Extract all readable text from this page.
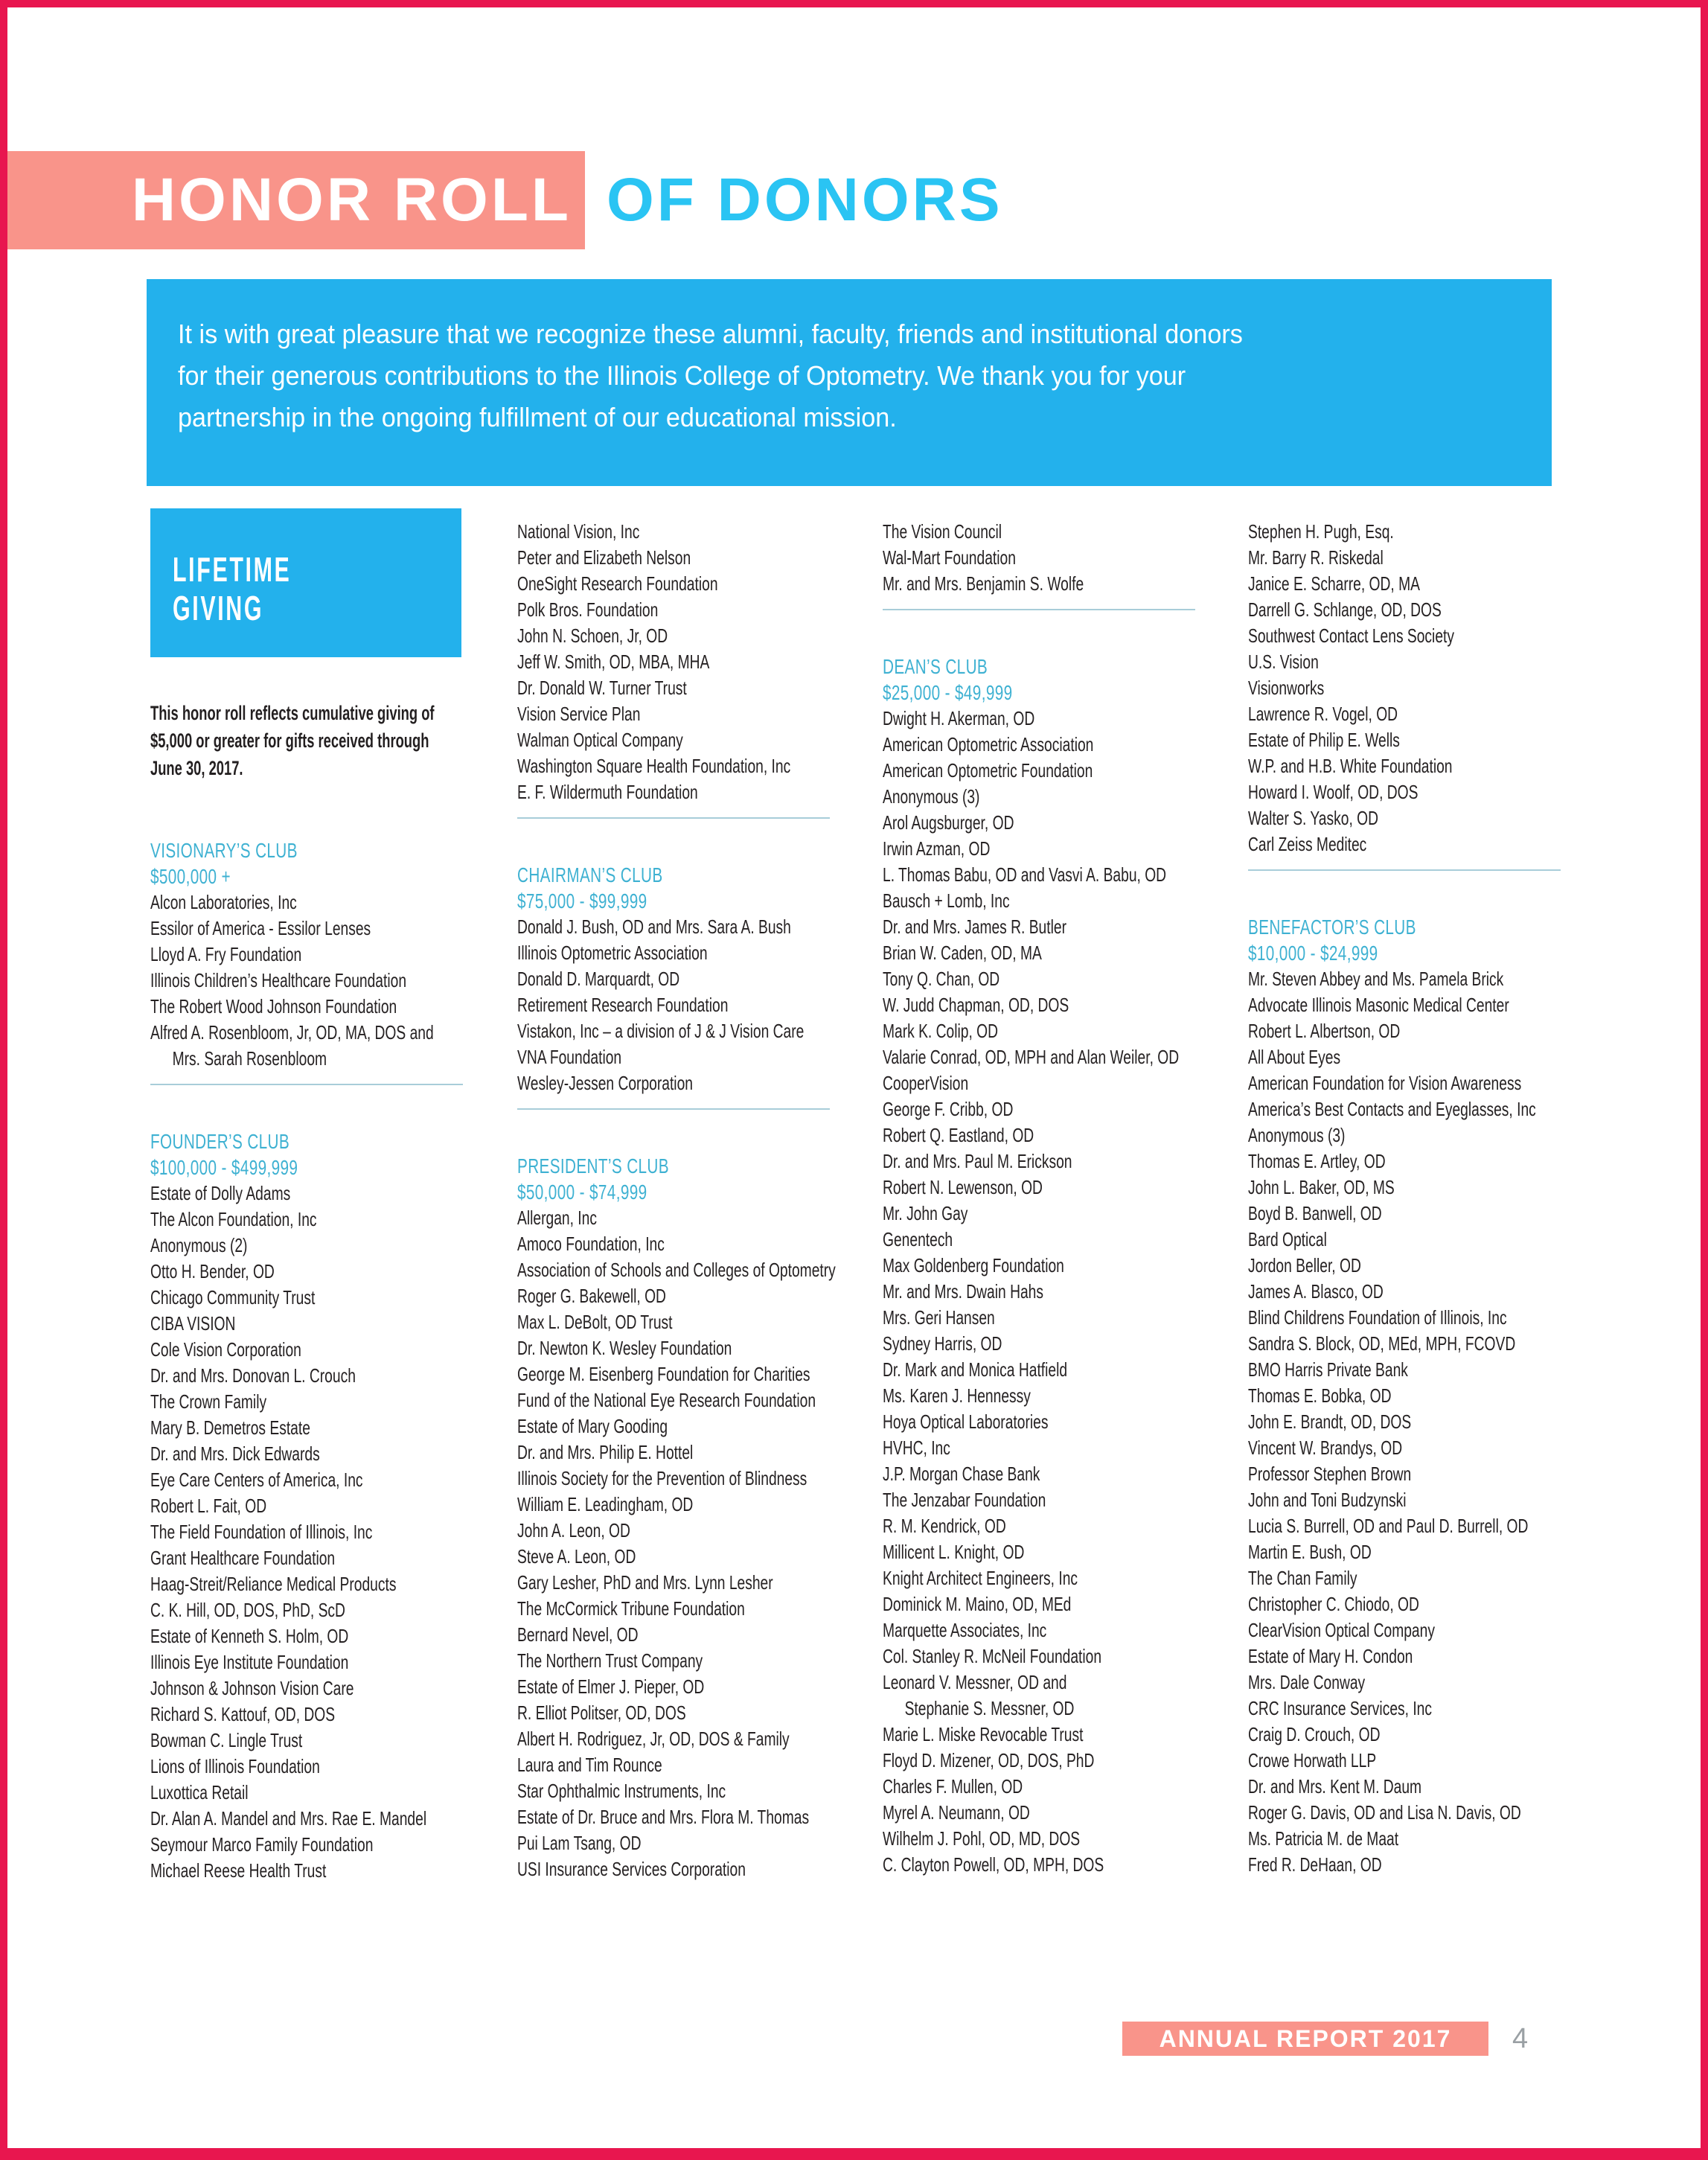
HONOR ROLL OF DONORS
It is with great pleasure that we recognize these alumni, faculty, friends and institutional donors
for their generous contributions to the Illinois College of Optometry. We thank you for your
partnership in the ongoing fulfillment of our educational mission.
LIFETIME
GIVING
This honor roll reflects cumulative giving of
$5,000 or greater for gifts received through
June 30, 2017.
VISIONARY’S CLUB
$500,000 +
Alcon Laboratories, Inc
Essilor of America - Essilor Lenses
Lloyd A. Fry Foundation
Illinois Children’s Healthcare Foundation
The Robert Wood Johnson Foundation
Alfred A. Rosenbloom, Jr, OD, MA, DOS and
Mrs. Sarah Rosenbloom
FOUNDER’S CLUB
$100,000 - $499,999
Estate of Dolly Adams
The Alcon Foundation, Inc
Anonymous (2)
Otto H. Bender, OD
Chicago Community Trust
CIBA VISION
Cole Vision Corporation
Dr. and Mrs. Donovan L. Crouch
The Crown Family
Mary B. Demetros Estate
Dr. and Mrs. Dick Edwards
Eye Care Centers of America, Inc
Robert L. Fait, OD
The Field Foundation of Illinois, Inc
Grant Healthcare Foundation
Haag-Streit/Reliance Medical Products
C. K. Hill, OD, DOS, PhD, ScD
Estate of Kenneth S. Holm, OD
Illinois Eye Institute Foundation
Johnson & Johnson Vision Care
Richard S. Kattouf, OD, DOS
Bowman C. Lingle Trust
Lions of Illinois Foundation
Luxottica Retail
Dr. Alan A. Mandel and Mrs. Rae E. Mandel
Seymour Marco Family Foundation
Michael Reese Health Trust
National Vision, Inc
Peter and Elizabeth Nelson
OneSight Research Foundation
Polk Bros. Foundation
John N. Schoen, Jr, OD
Jeff W. Smith, OD, MBA, MHA
Dr. Donald W. Turner Trust
Vision Service Plan
Walman Optical Company
Washington Square Health Foundation, Inc
E. F. Wildermuth Foundation
CHAIRMAN’S CLUB
$75,000 - $99,999
Donald J. Bush, OD and Mrs. Sara A. Bush
Illinois Optometric Association
Donald D. Marquardt, OD
Retirement Research Foundation
Vistakon, Inc – a division of J & J Vision Care
VNA Foundation
Wesley-Jessen Corporation
PRESIDENT’S CLUB
$50,000 - $74,999
Allergan, Inc
Amoco Foundation, Inc
Association of Schools and Colleges of Optometry
Roger G. Bakewell, OD
Max L. DeBolt, OD Trust
Dr. Newton K. Wesley Foundation
George M. Eisenberg Foundation for Charities
Fund of the National Eye Research Foundation
Estate of Mary Gooding
Dr. and Mrs. Philip E. Hottel
Illinois Society for the Prevention of Blindness
William E. Leadingham, OD
John A. Leon, OD
Steve A. Leon, OD
Gary Lesher, PhD and Mrs. Lynn Lesher
The McCormick Tribune Foundation
Bernard Nevel, OD
The Northern Trust Company
Estate of Elmer J. Pieper, OD
R. Elliot Politser, OD, DOS
Albert H. Rodriguez, Jr, OD, DOS & Family
Laura and Tim Rounce
Star Ophthalmic Instruments, Inc
Estate of Dr. Bruce and Mrs. Flora M. Thomas
Pui Lam Tsang, OD
USI Insurance Services Corporation
The Vision Council
Wal-Mart Foundation
Mr. and Mrs. Benjamin S. Wolfe
DEAN’S CLUB
$25,000 - $49,999
Dwight H. Akerman, OD
American Optometric Association
American Optometric Foundation
Anonymous (3)
Arol Augsburger, OD
Irwin Azman, OD
L. Thomas Babu, OD and Vasvi A. Babu, OD
Bausch + Lomb, Inc
Dr. and Mrs. James R. Butler
Brian W. Caden, OD, MA
Tony Q. Chan, OD
W. Judd Chapman, OD, DOS
Mark K. Colip, OD
Valarie Conrad, OD, MPH and Alan Weiler, OD
CooperVision
George F. Cribb, OD
Robert Q. Eastland, OD
Dr. and Mrs. Paul M. Erickson
Robert N. Lewenson, OD
Mr. John Gay
Genentech
Max Goldenberg Foundation
Mr. and Mrs. Dwain Hahs
Mrs. Geri Hansen
Sydney Harris, OD
Dr. Mark and Monica Hatfield
Ms. Karen J. Hennessy
Hoya Optical Laboratories
HVHC, Inc
J.P. Morgan Chase Bank
The Jenzabar Foundation
R. M. Kendrick, OD
Millicent L. Knight, OD
Knight Architect Engineers, Inc
Dominick M. Maino, OD, MEd
Marquette Associates, Inc
Col. Stanley R. McNeil Foundation
Leonard V. Messner, OD and
Stephanie S. Messner, OD
Marie L. Miske Revocable Trust
Floyd D. Mizener, OD, DOS, PhD
Charles F. Mullen, OD
Myrel A. Neumann, OD
Wilhelm J. Pohl, OD, MD, DOS
C. Clayton Powell, OD, MPH, DOS
Stephen H. Pugh, Esq.
Mr. Barry R. Riskedal
Janice E. Scharre, OD, MA
Darrell G. Schlange, OD, DOS
Southwest Contact Lens Society
U.S. Vision
Visionworks
Lawrence R. Vogel, OD
Estate of Philip E. Wells
W.P. and H.B. White Foundation
Howard I. Woolf, OD, DOS
Walter S. Yasko, OD
Carl Zeiss Meditec
BENEFACTOR’S CLUB
$10,000 - $24,999
Mr. Steven Abbey and Ms. Pamela Brick
Advocate Illinois Masonic Medical Center
Robert L. Albertson, OD
All About Eyes
American Foundation for Vision Awareness
America’s Best Contacts and Eyeglasses, Inc
Anonymous (3)
Thomas E. Artley, OD
John L. Baker, OD, MS
Boyd B. Banwell, OD
Bard Optical
Jordon Beller, OD
James A. Blasco, OD
Blind Childrens Foundation of Illinois, Inc
Sandra S. Block, OD, MEd, MPH, FCOVD
BMO Harris Private Bank
Thomas E. Bobka, OD
John E. Brandt, OD, DOS
Vincent W. Brandys, OD
Professor Stephen Brown
John and Toni Budzynski
Lucia S. Burrell, OD and Paul D. Burrell, OD
Martin E. Bush, OD
The Chan Family
Christopher C. Chiodo, OD
ClearVision Optical Company
Estate of Mary H. Condon
Mrs. Dale Conway
CRC Insurance Services, Inc
Craig D. Crouch, OD
Crowe Horwath LLP
Dr. and Mrs. Kent M. Daum
Roger G. Davis, OD and Lisa N. Davis, OD
Ms. Patricia M. de Maat
Fred R. DeHaan, OD
ANNUAL REPORT 2017	4
